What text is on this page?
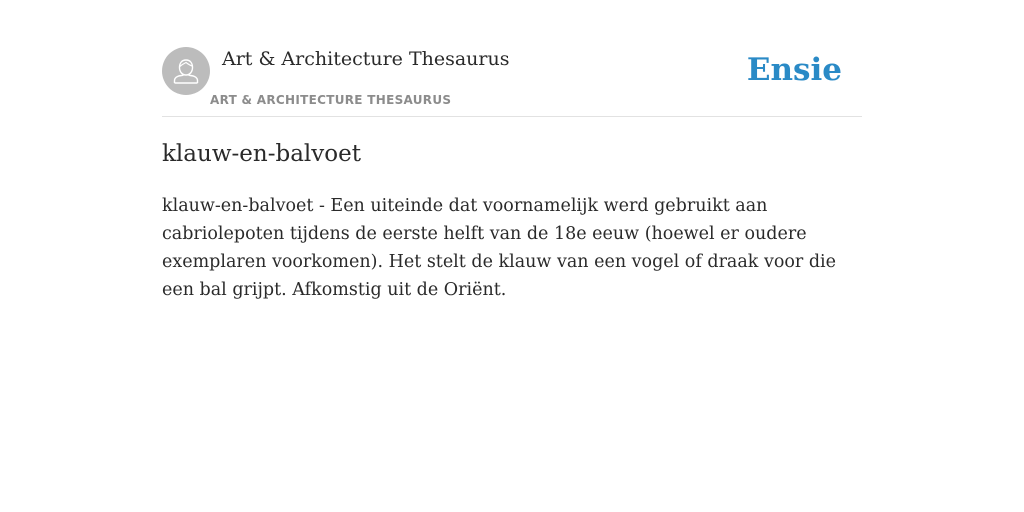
Art & Architecture Thesaurus
ART & ARCHITECTURE THESAURUS
Ensie
klauw-en-balvoet

klauw-en-balvoet - Een uiteinde dat voornamelijk werd gebruikt aan cabriolepoten tijdens de eerste helft van de 18e eeuw (hoewel er oudere exemplaren voorkomen). Het stelt de klauw van een vogel of draak voor die een bal grijpt. Afkomstig uit de Oriënt.
